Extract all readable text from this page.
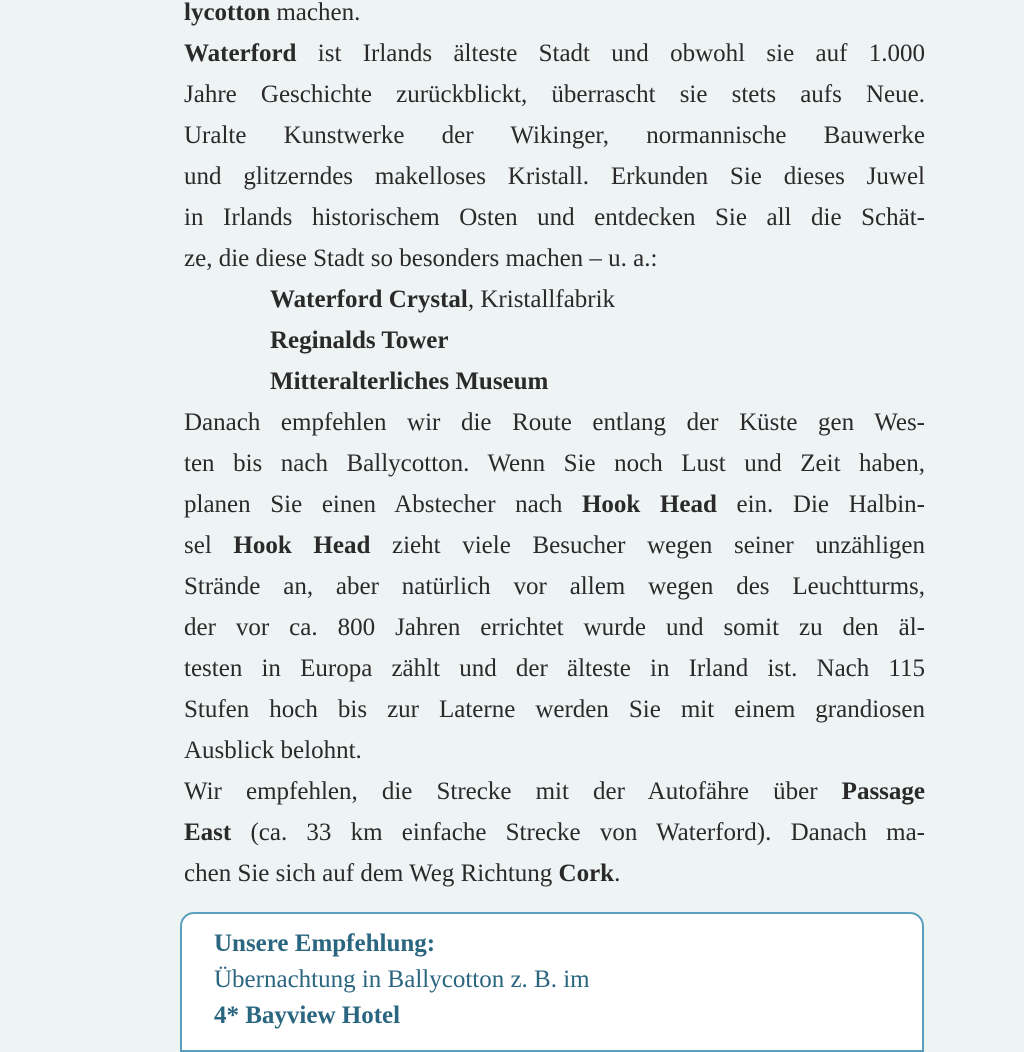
lycotton machen.

Waterford ist Irlands älteste Stadt und obwohl sie auf 1.000
Jahre Geschichte zurückblickt, überrascht sie stets aufs Neue.
Uralte Kunstwerke der Wikinger, normannische Bauwerke
und glitzerndes makelloses Kristall. Erkunden Sie dieses Juwel
in Irlands historischem Osten und entdecken Sie all die Schät-
ze, die diese Stadt so besonders machen – u. a.:

Waterford Crystal, Kristallfabrik
Reginalds Tower
Mitteralterliches Museum

Danach empfehlen wir die Route entlang der Küste gen Wes-
ten bis nach Ballycotton. Wenn Sie noch Lust und Zeit haben,
planen Sie einen Abstecher nach Hook Head ein. Die Halbin-
sel Hook Head zieht viele Besucher wegen seiner unzähligen
Strände an, aber natürlich vor allem wegen des Leuchtturms,
der vor ca. 800 Jahren errichtet wurde und somit zu den äl-
testen in Europa zählt und der älteste in Irland ist. Nach 115
Stufen hoch bis zur Laterne werden Sie mit einem grandiosen
Ausblick belohnt.

Wir empfehlen, die Strecke mit der Autofähre über Passage
East (ca. 33 km einfache Strecke von Waterford). Danach ma-
chen Sie sich auf dem Weg Richtung Cork.

Unsere Empfehlung:
Übernachtung in Ballycotton z. B. im
4* Bayview Hotel
